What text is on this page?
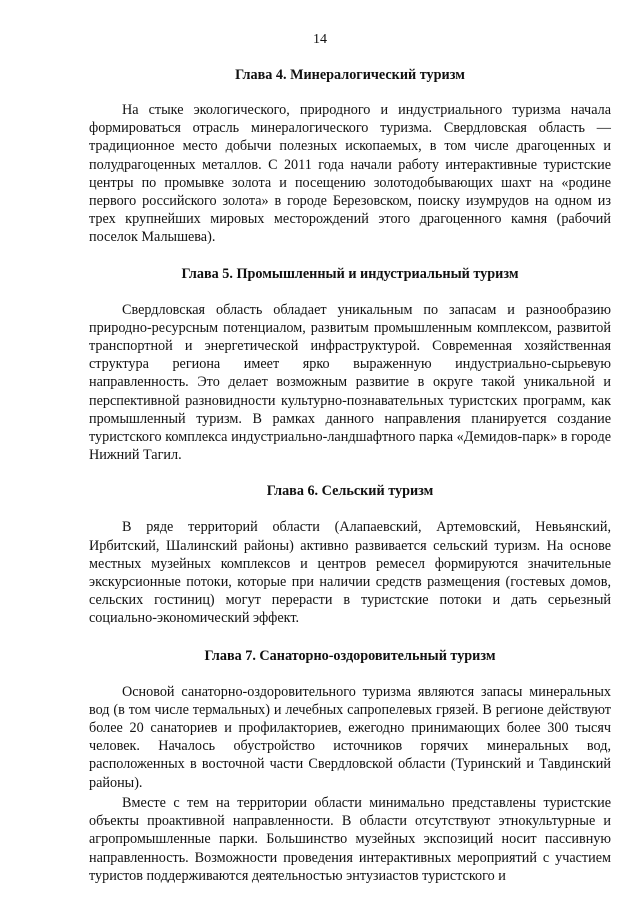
14
Глава 4. Минералогический туризм

На стыке экологического, природного и индустриального туризма начала формироваться отрасль минералогического туризма. Свердловская область — традиционное место добычи полезных ископаемых, в том числе драгоценных и полудрагоценных металлов. С 2011 года начали работу интерактивные туристские центры по промывке золота и посещению золотодобывающих шахт на «родине первого российского золота» в городе Березовском, поиску изумрудов на одном из трех крупнейших мировых месторождений этого драгоценного камня (рабочий поселок Малышева).

Глава 5. Промышленный и индустриальный туризм

Свердловская область обладает уникальным по запасам и разнообразию природно-ресурсным потенциалом, развитым промышленным комплексом, развитой транспортной и энергетической инфраструктурой. Современная хозяйственная структура региона имеет ярко выраженную индустриально-сырьевую направленность. Это делает возможным развитие в округе такой уникальной и перспективной разновидности культурно-познавательных туристских программ, как промышленный туризм. В рамках данного направления планируется создание туристского комплекса индустриально-ландшафтного парка «Демидов-парк» в городе Нижний Тагил.

Глава 6. Сельский туризм

В ряде территорий области (Алапаевский, Артемовский, Невьянский, Ирбитский, Шалинский районы) активно развивается сельский туризм. На основе местных музейных комплексов и центров ремесел формируются значительные экскурсионные потоки, которые при наличии средств размещения (гостевых домов, сельских гостиниц) могут перерасти в туристские потоки и дать серьезный социально-экономический эффект.

Глава 7. Санаторно-оздоровительный туризм

Основой санаторно-оздоровительного туризма являются запасы минеральных вод (в том числе термальных) и лечебных сапропелевых грязей. В регионе действуют более 20 санаториев и профилакториев, ежегодно принимающих более 300 тысяч человек. Началось обустройство источников горячих минеральных вод, расположенных в восточной части Свердловской области (Туринский и Тавдинский районы).

Вместе с тем на территории области минимально представлены туристские объекты проактивной направленности. В области отсутствуют этнокультурные и агропромышленные парки. Большинство музейных экспозиций носит пассивную направленность. Возможности проведения интерактивных мероприятий с участием туристов поддерживаются деятельностью энтузиастов туристского и
